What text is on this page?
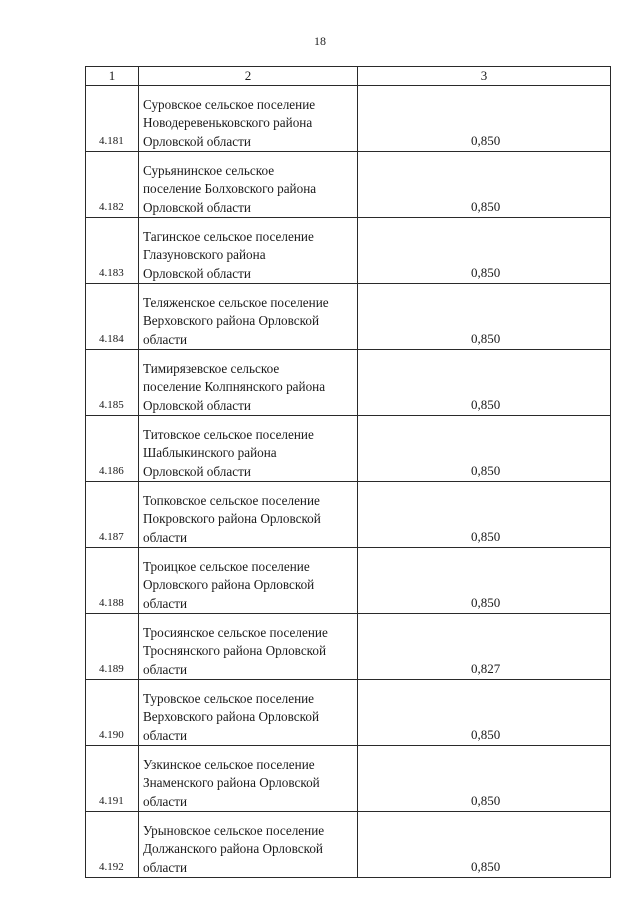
18
1	2	3
4.181	Суровское сельское поселение
Новодеревеньковского района
Орловской области	0,850
4.182	Сурьянинское сельское
поселение Болховского района
Орловской области	0,850
4.183	Тагинское сельское поселение
Глазуновского района
Орловской области	0,850
4.184	Теляженское сельское поселение
Верховского района Орловской
области	0,850
4.185	Тимирязевское сельское
поселение Колпнянского района
Орловской области	0,850
4.186	Титовское сельское поселение
Шаблыкинского района
Орловской области	0,850
4.187	Топковское сельское поселение
Покровского района Орловской
области	0,850
4.188	Троицкое сельское поселение
Орловского района Орловской
области	0,850
4.189	Тросиянское сельское поселение
Троснянского района Орловской
области	0,827
4.190	Туровское сельское поселение
Верховского района Орловской
области	0,850
4.191	Узкинское сельское поселение
Знаменского района Орловской
области	0,850
4.192	Урыновское сельское поселение
Должанского района Орловской
области	0,850
